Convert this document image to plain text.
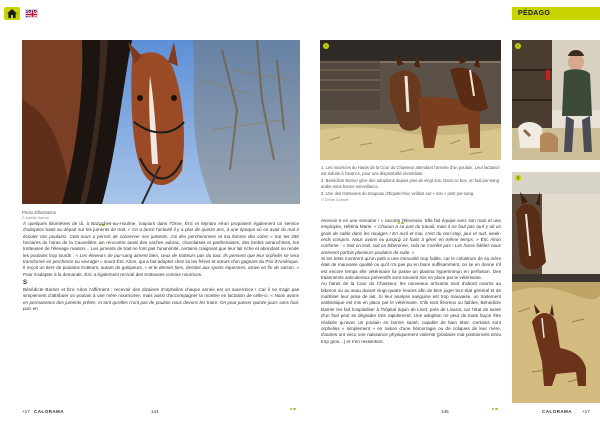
PÉDAGO
Photo d'illustration
© Aurélie Harnon

À quelques kilomètres de là, à Bazoches-au-Houlme, toujours dans l'Orne, Éric et Myriam Alron proposent également un service d'adoption basé au départ sur les juments de trait. « On a lancé l'activité il y a plus de quinze ans, à une époque où on avait du mal à écouler nos poulains. Cela nous a permis de conserver nos juments. J'ai des percheronnes et ma femme des cobs! » Sur les 280 hectares du haras de la Cauvelière, on rencontre aussi des vaches aubrac, charolaises et parthenaises, des brebis avranchines, les trotteuses de l'élevage maison… Les juments de trait ne font pas l'unanimité, certains craignant que leur lait riche et abondant ne rende les poulains trop lourds : « Les éleveurs de pur-sang aiment bien, ceux de trotteurs pas du tout. Ils pensent que leur orphelin se sera transformé en percheron ou sevrage! » sourit Éric Alron, qui a fait adopter chez lui les frères et sœurs d'un gagnant du Prix d'Amérique. Il reçoit un tiers de poulains trotteurs, autant de galopeurs, « et le dernier tiers, destiné aux sports équestres, arrive en fin de saison. » Pour s'adapter à la demande, Éric a également recruté des trotteuses comme nourrices.

S

Bénédicte Barrier et Éric Alron l'affirment : recevoir des dizaines d'orphelins chaque année est un sacerdoce ! Car il ne s'agit pas simplement d'attribuer un poulain à une mère nourricière, mais aussi d'accompagner la montée en lactation de celle-ci. « Nous avons en permanence des juments prêtes, et tant qu'elles n'ont pas de poulain nous devons les traire. On peut passer quinze jours sans foal, puis en

1	2
3
1. Les nourrices du Haras de la Cour du Chasseur attendant l'arrivée d'un poulain. Leur lactation est induite à l'avance, pour une disponibilité immédiate.
2. Bénédicte Barrier gère des adoptions depuis plus de vingt ans. Dans ce box, un foal pur-sang arabe sous bonne surveillance.
3. Une des trotteuses du troupeau d'Équitechnic veillant sur « son » petit pur-sang.
© Céline Guezde

recevoir 6 en une semaine ! » raconte l'éleveuse. Elle fait équipe avec son mari et une employée, Héléna Marie. « Chacun a sa part du travail, mais il ne faut pas qu'il y ait un grain de sable dans les rouages ! En avril et mai, c'est du non-stop, jour et nuit, week-ends compris. Nous avons eu jusqu'à 14 foals à gérer en même temps. » Éric Alron confirme : « Soit on trait, soit on biberonne, cela ne s'arrête pas ! Les haras fidèles nous amènent parfois plusieurs poulains de suite. »

Si les tests montrent qu'un petit a une immunité trop faible, car le colostrum de sa mère était de mauvaise qualité ou qu'il n'a pas pu en boire suffisamment, on lui en donne s'il est encore temps elle vétérinaire lui passe un plasma hyperimmun en perfusion. Des traitements anticulereux préventifs sont souvent mis en place par le vétérinaire.

Au haras de la Cour du Chasseur, les nouveaux arrivants sont d'abord nourris au biberon ou au seau durant vingt-quatre heures afin de bien juger leur état général et de maîtriser leur prise de lait. Si leur analyse sanguine est trop mauvaise, un traitement antibiotique est mis en place par le vétérinaire. S'ils sont fiévreux ou faibles, Bénédicte Barrier les fait hospitaliser à l'hôpital équin de Livet, près de Livarot, car l'état de santé d'un foal peut se dégrader très rapidement. Une adoption ne peut de toute façon être réalisée qu'avec un poulain en bonne santé, capable de bien téter. Certains sont orphelins « simplement » en raison d'une hémorragie ou de coliques de leur mère, d'autres ont vécu une naissance physiquement violente (poulains mal positionnés et/ou trop gros…) et s'en ressentent.

+17 CALORAMA	144	145	CALORAMA +17
